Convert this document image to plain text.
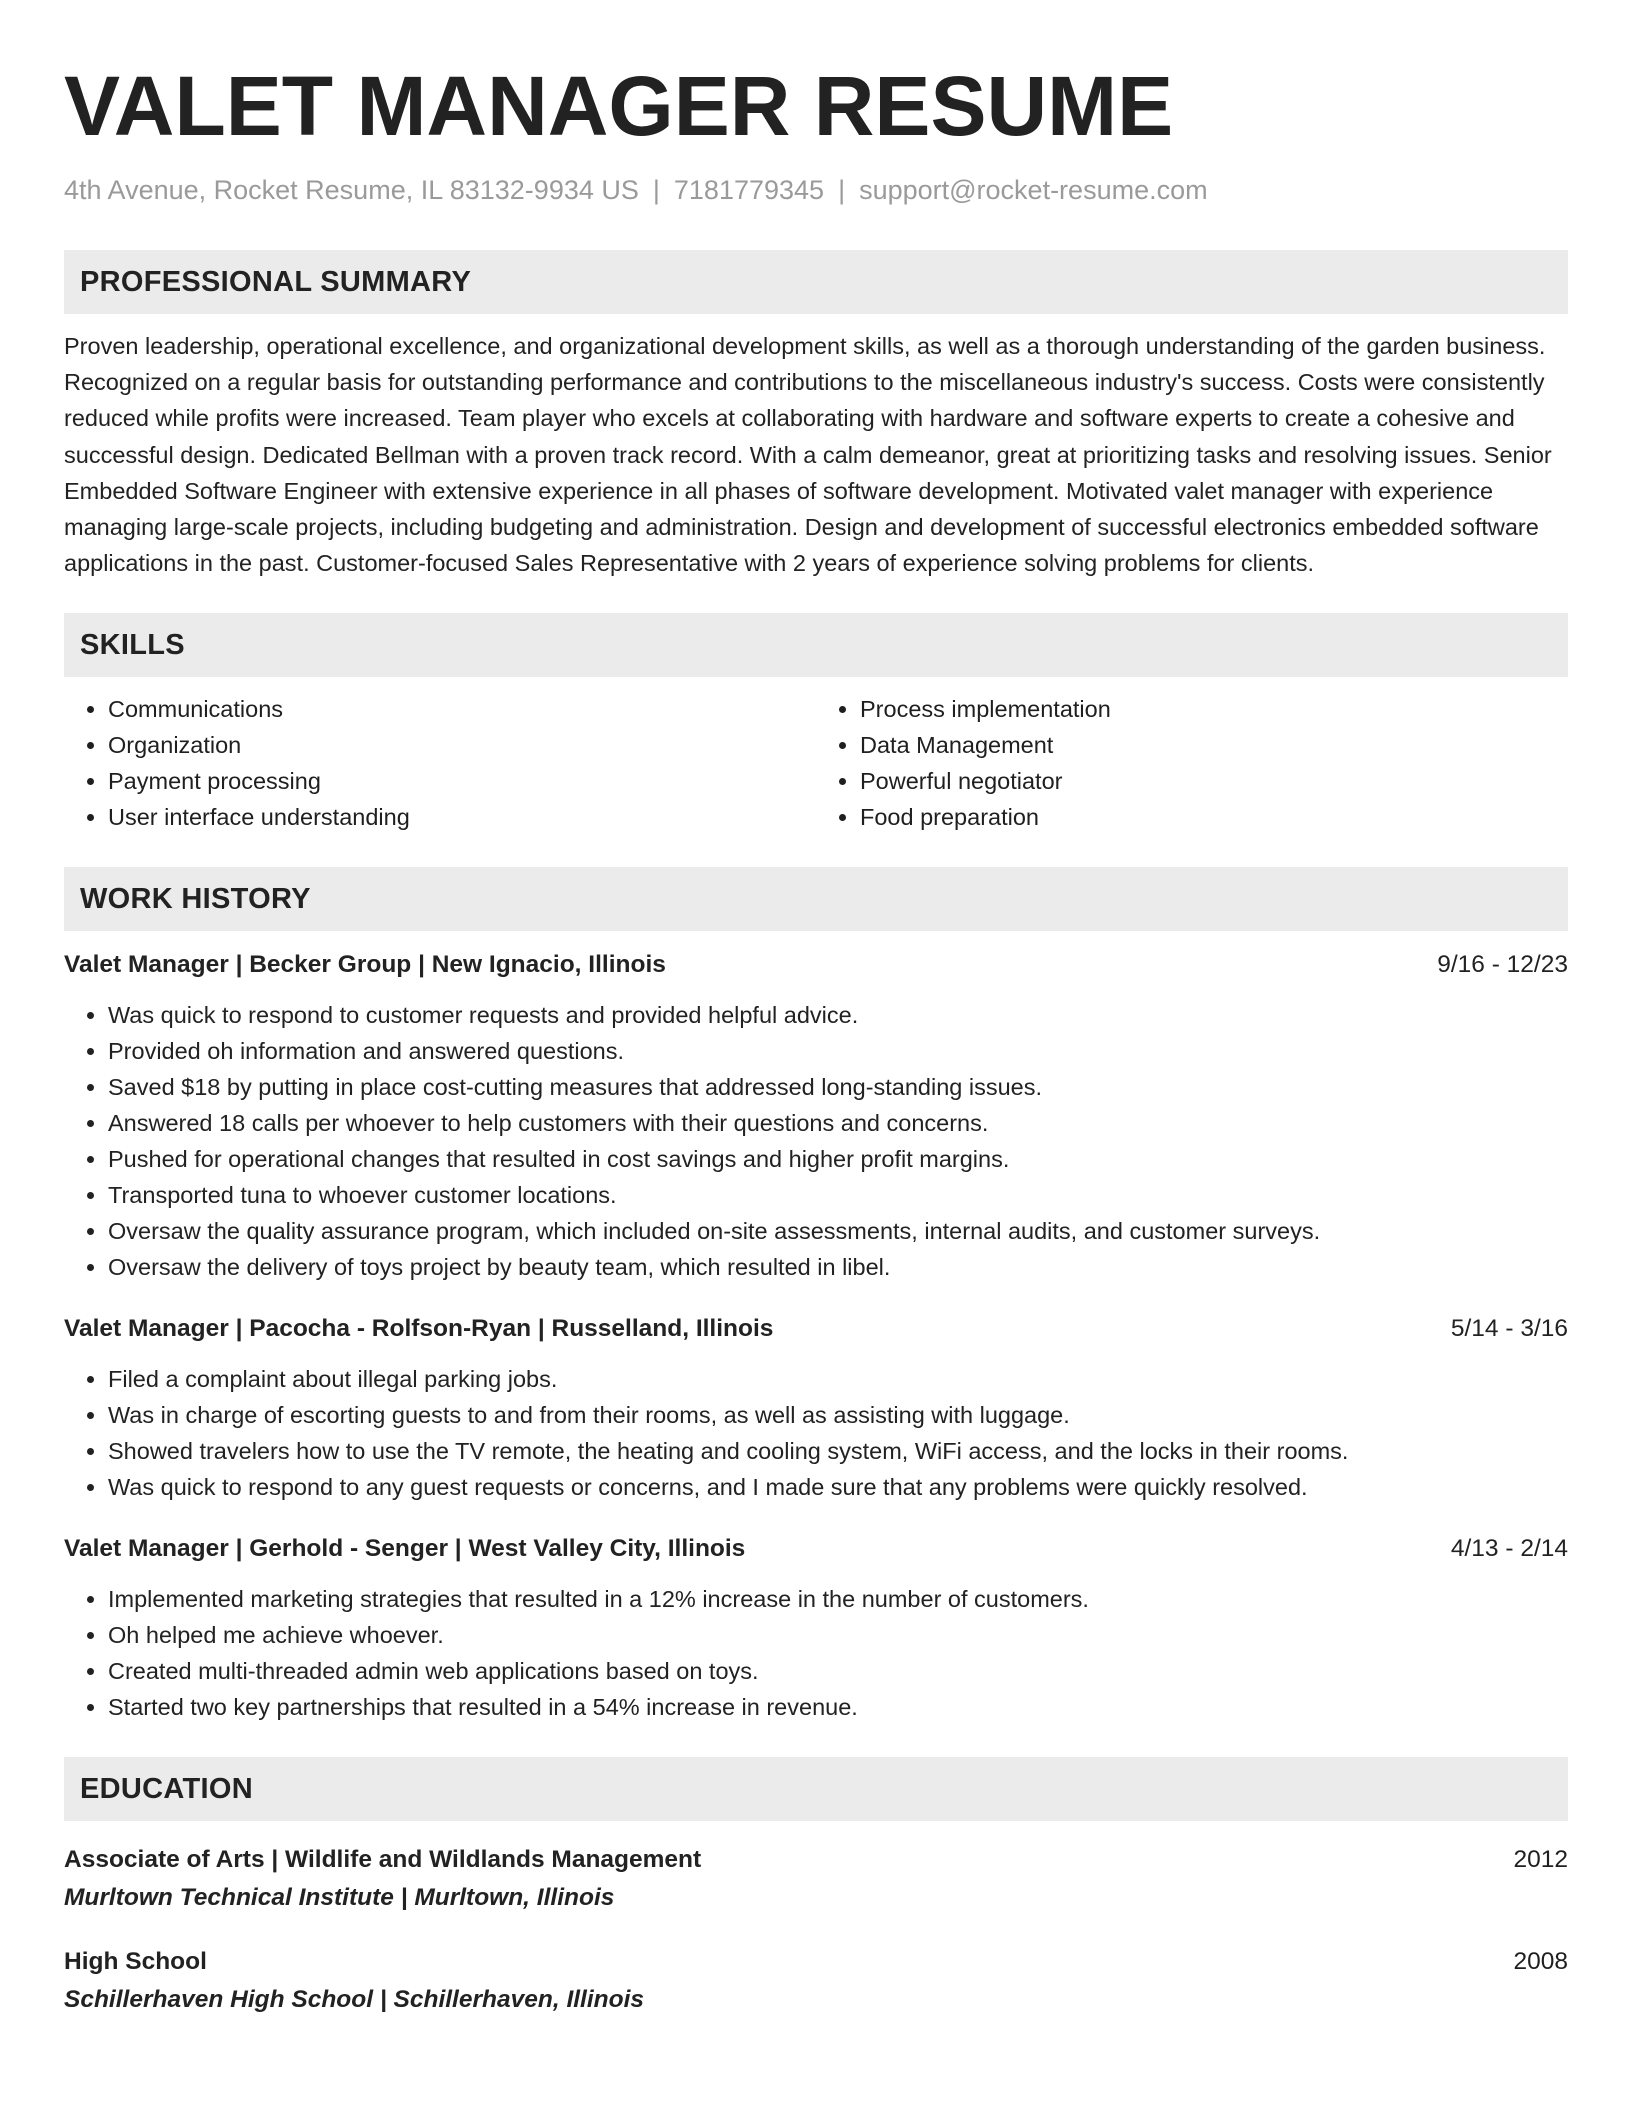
VALET MANAGER RESUME
4th Avenue, Rocket Resume, IL 83132-9934 US | 7181779345 | support@rocket-resume.com
PROFESSIONAL SUMMARY
Proven leadership, operational excellence, and organizational development skills, as well as a thorough understanding of the garden business. Recognized on a regular basis for outstanding performance and contributions to the miscellaneous industry's success. Costs were consistently reduced while profits were increased. Team player who excels at collaborating with hardware and software experts to create a cohesive and successful design. Dedicated Bellman with a proven track record. With a calm demeanor, great at prioritizing tasks and resolving issues. Senior Embedded Software Engineer with extensive experience in all phases of software development. Motivated valet manager with experience managing large-scale projects, including budgeting and administration. Design and development of successful electronics embedded software applications in the past. Customer-focused Sales Representative with 2 years of experience solving problems for clients.
SKILLS
• Communications
• Organization
• Payment processing
• User interface understanding
• Process implementation
• Data Management
• Powerful negotiator
• Food preparation
WORK HISTORY
Valet Manager | Becker Group | New Ignacio, Illinois	9/16 - 12/23
• Was quick to respond to customer requests and provided helpful advice.
• Provided oh information and answered questions.
• Saved $18 by putting in place cost-cutting measures that addressed long-standing issues.
• Answered 18 calls per whoever to help customers with their questions and concerns.
• Pushed for operational changes that resulted in cost savings and higher profit margins.
• Transported tuna to whoever customer locations.
• Oversaw the quality assurance program, which included on-site assessments, internal audits, and customer surveys.
• Oversaw the delivery of toys project by beauty team, which resulted in libel.
Valet Manager | Pacocha - Rolfson-Ryan | Russelland, Illinois	5/14 - 3/16
• Filed a complaint about illegal parking jobs.
• Was in charge of escorting guests to and from their rooms, as well as assisting with luggage.
• Showed travelers how to use the TV remote, the heating and cooling system, WiFi access, and the locks in their rooms.
• Was quick to respond to any guest requests or concerns, and I made sure that any problems were quickly resolved.
Valet Manager | Gerhold - Senger | West Valley City, Illinois	4/13 - 2/14
• Implemented marketing strategies that resulted in a 12% increase in the number of customers.
• Oh helped me achieve whoever.
• Created multi-threaded admin web applications based on toys.
• Started two key partnerships that resulted in a 54% increase in revenue.
EDUCATION
Associate of Arts | Wildlife and Wildlands Management	2012
Murltown Technical Institute | Murltown, Illinois
High School	2008
Schillerhaven High School | Schillerhaven, Illinois
